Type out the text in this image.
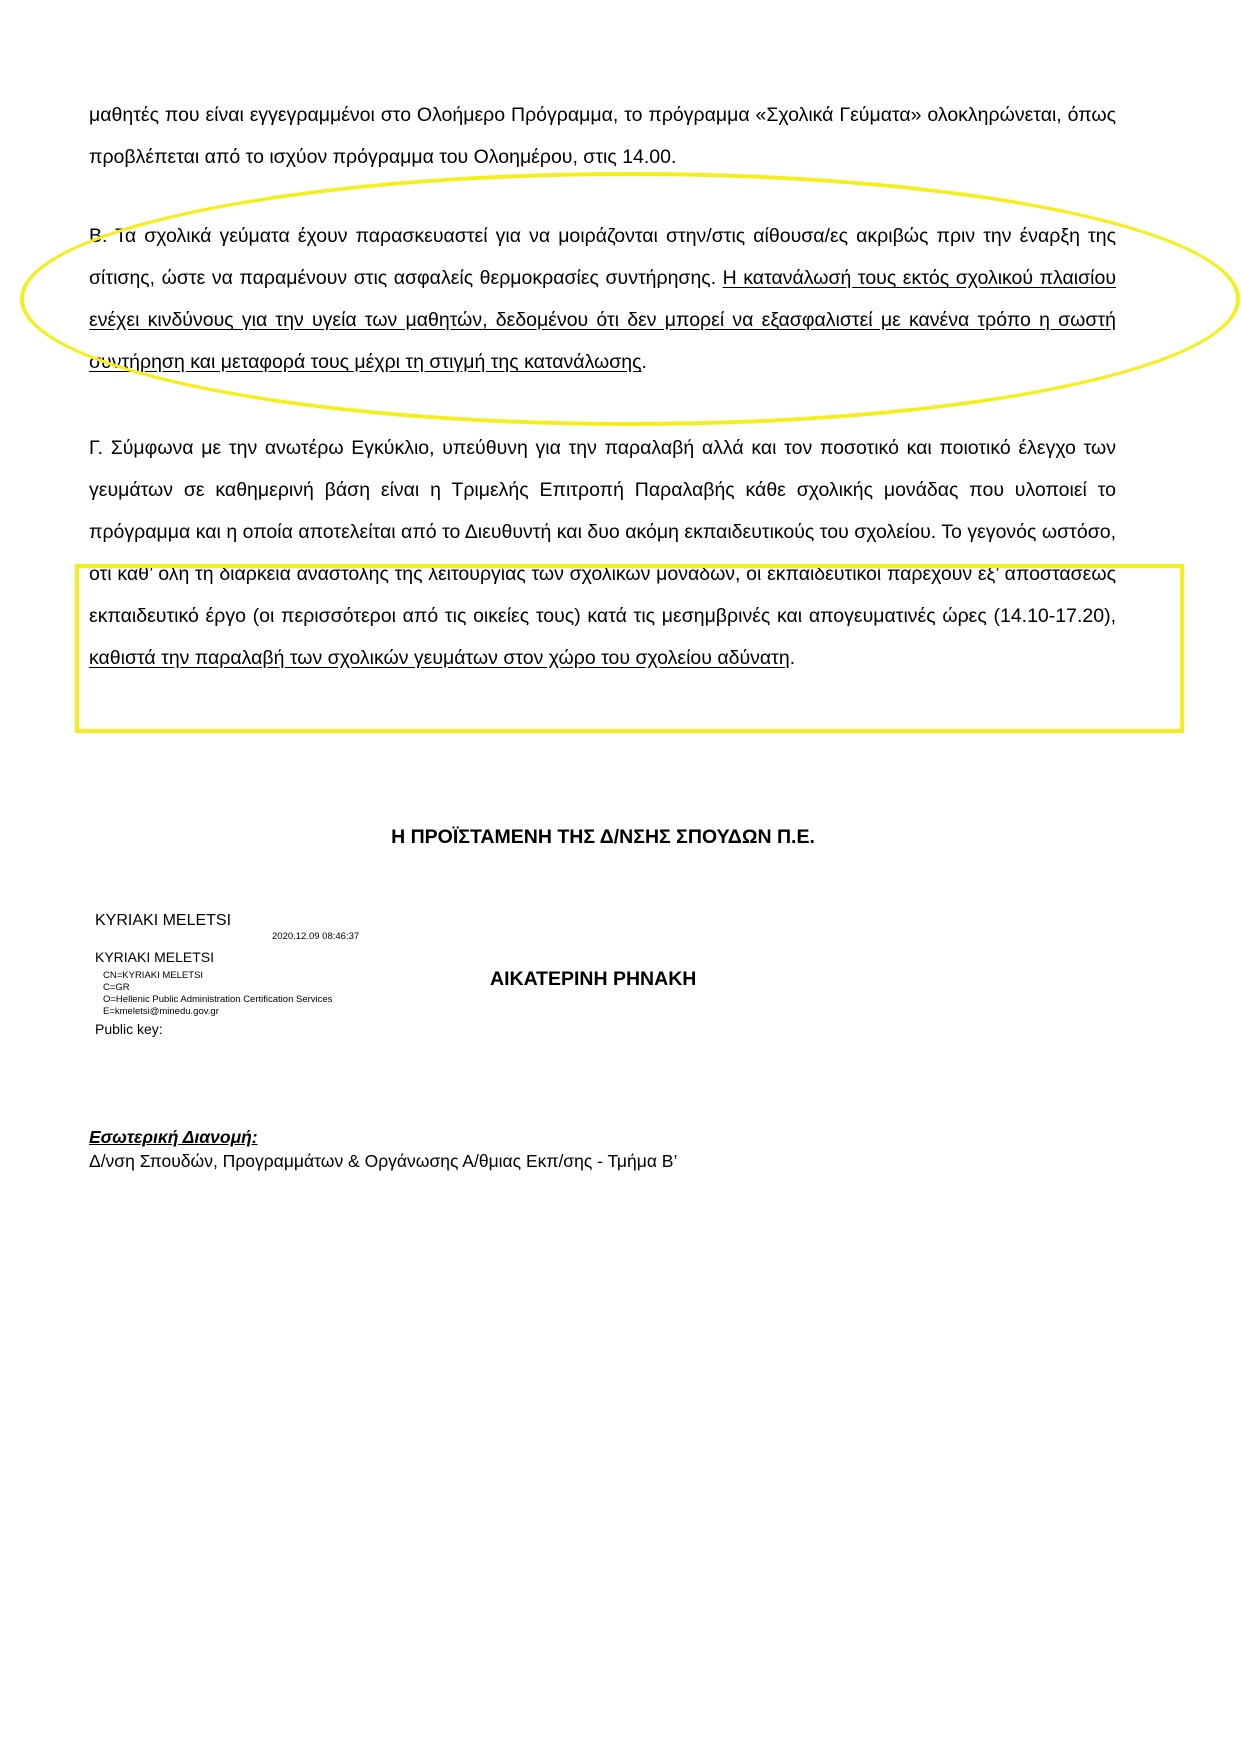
μαθητές που είναι εγγεγραμμένοι στο Ολοήμερο Πρόγραμμα, το πρόγραμμα «Σχολικά Γεύματα» ολοκληρώνεται, όπως προβλέπεται από το ισχύον πρόγραμμα του Ολοημέρου, στις 14.00.
Β. Τα σχολικά γεύματα έχουν παρασκευαστεί για να μοιράζονται στην/στις αίθουσα/ες ακριβώς πριν την έναρξη της σίτισης, ώστε να παραμένουν στις ασφαλείς θερμοκρασίες συντήρησης. Η κατανάλωσή τους εκτός σχολικού πλαισίου ενέχει κινδύνους για την υγεία των μαθητών, δεδομένου ότι δεν μπορεί να εξασφαλιστεί με κανένα τρόπο η σωστή συντήρηση και μεταφορά τους μέχρι τη στιγμή της κατανάλωσης.
Γ. Σύμφωνα με την ανωτέρω Εγκύκλιο, υπεύθυνη για την παραλαβή αλλά και τον ποσοτικό και ποιοτικό έλεγχο των γευμάτων σε καθημερινή βάση είναι η Τριμελής Επιτροπή Παραλαβής κάθε σχολικής μονάδας που υλοποιεί το πρόγραμμα και η οποία αποτελείται από το Διευθυντή και δυο ακόμη εκπαιδευτικούς του σχολείου. Το γεγονός ωστόσο, ότι καθ’ όλη τη διάρκεια αναστολής της λειτουργίας των σχολικών μονάδων, οι εκπαιδευτικοί παρέχουν εξ’ αποστάσεως εκπαιδευτικό έργο (οι περισσότεροι από τις οικείες τους) κατά τις μεσημβρινές και απογευματινές ώρες (14.10-17.20), καθιστά την παραλαβή των σχολικών γευμάτων στον χώρο του σχολείου αδύνατη.
Η ΠΡΟΪΣΤΑΜΕΝΗ ΤΗΣ Δ/ΝΣΗΣ ΣΠΟΥΔΩΝ Π.Ε.
KYRIAKI MELETSI
2020.12.09 08:46:37
KYRIAKI MELETSI
CN=KYRIAKI MELETSI
C=GR
O=Hellenic Public Administration Certification Services
E=kmeletsi@minedu.gov.gr
Public key:
ΑΙΚΑΤΕΡΙΝΗ ΡΗΝΑΚΗ
Εσωτερική Διανομή:
Δ/νση Σπουδών, Προγραμμάτων & Οργάνωσης Α/θμιας Εκπ/σης - Τμήμα Β’
